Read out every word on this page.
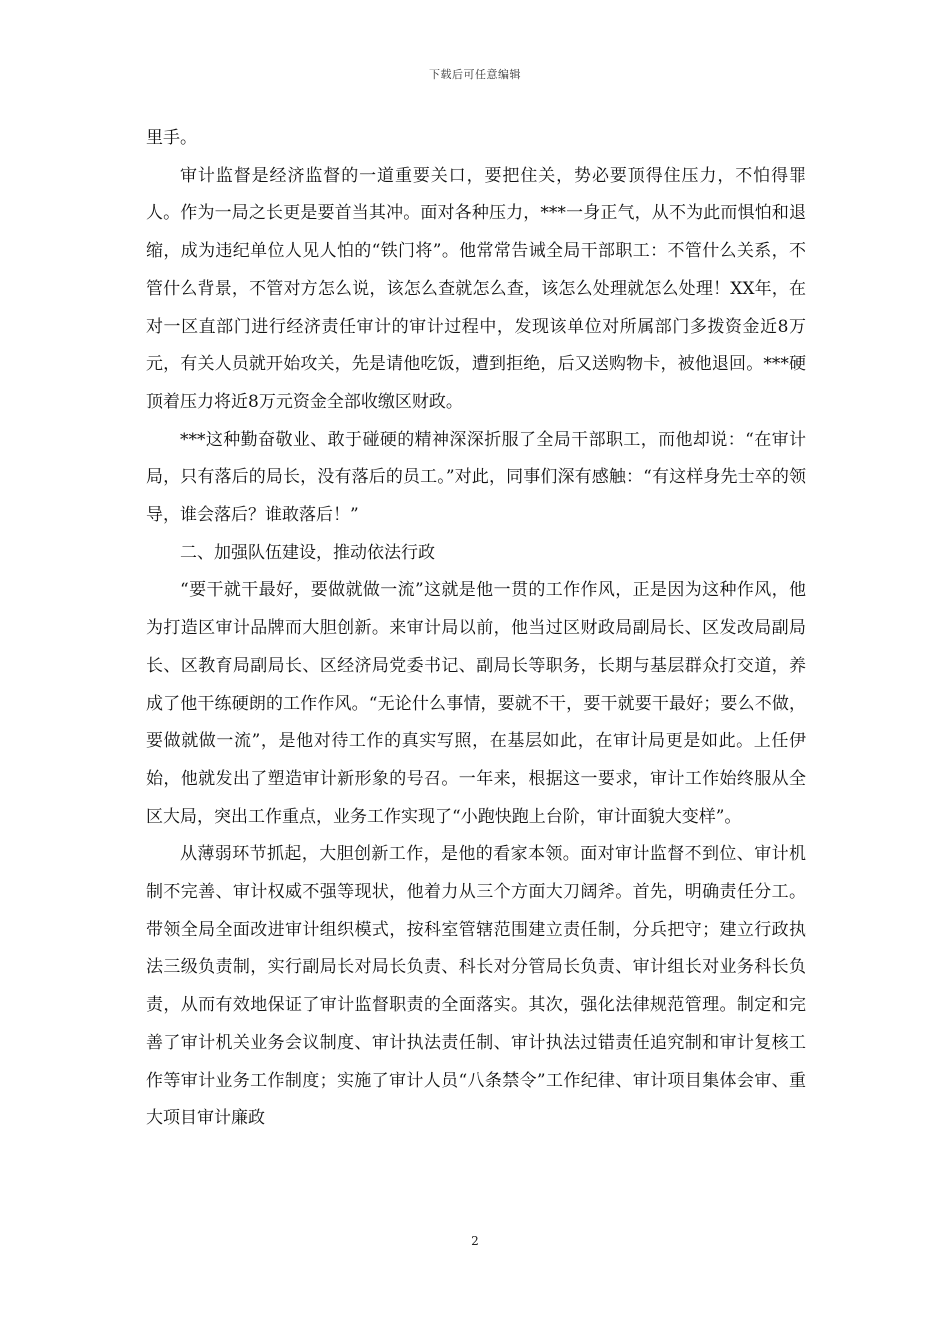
下载后可任意编辑

里手。

审计监督是经济监督的一道重要关口，要把住关，势必要顶得住压力，不怕得罪人。作为一局之长更是要首当其冲。面对各种压力，***一身正气，从不为此而惧怕和退缩，成为违纪单位人见人怕的“铁门将”。他常常告诫全局干部职工：不管什么关系，不管什么背景，不管对方怎么说，该怎么查就怎么查，该怎么处理就怎么处理！XX年，在对一区直部门进行经济责任审计的审计过程中，发现该单位对所属部门多拨资金近8万元，有关人员就开始攻关，先是请他吃饭，遭到拒绝，后又送购物卡，被他退回。***硬顶着压力将近8万元资金全部收缴区财政。

***这种勤奋敬业、敢于碰硬的精神深深折服了全局干部职工，而他却说：“在审计局，只有落后的局长，没有落后的员工。”对此，同事们深有感触：“有这样身先士卒的领导，谁会落后？谁敢落后！”

二、加强队伍建设，推动依法行政

“要干就干最好，要做就做一流”这就是他一贯的工作作风，正是因为这种作风，他为打造区审计品牌而大胆创新。来审计局以前，他当过区财政局副局长、区发改局副局长、区教育局副局长、区经济局党委书记、副局长等职务，长期与基层群众打交道，养成了他干练硬朗的工作作风。“无论什么事情，要就不干，要干就要干最好；要么不做，要做就做一流”，是他对待工作的真实写照，在基层如此，在审计局更是如此。上任伊始，他就发出了塑造审计新形象的号召。一年来，根据这一要求，审计工作始终服从全区大局，突出工作重点，业务工作实现了“小跑快跑上台阶，审计面貌大变样”。

从薄弱环节抓起，大胆创新工作，是他的看家本领。面对审计监督不到位、审计机制不完善、审计权威不强等现状，他着力从三个方面大刀阔斧。首先，明确责任分工。带领全局全面改进审计组织模式，按科室管辖范围建立责任制，分兵把守；建立行政执法三级负责制，实行副局长对局长负责、科长对分管局长负责、审计组长对业务科长负责，从而有效地保证了审计监督职责的全面落实。其次，强化法律规范管理。制定和完善了审计机关业务会议制度、审计执法责任制、审计执法过错责任追究制和审计复核工作等审计业务工作制度；实施了审计人员“八条禁令”工作纪律、审计项目集体会审、重大项目审计廉政

2
